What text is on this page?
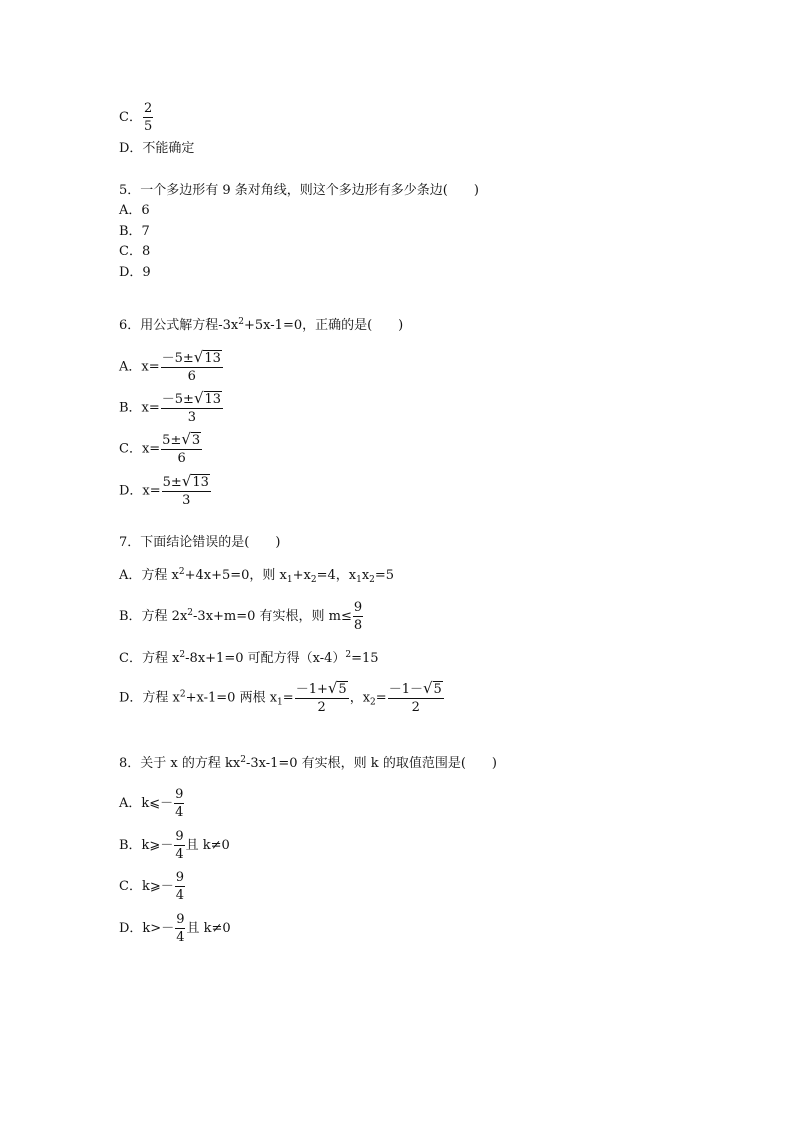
C． $\frac{2}{5}$
D．不能确定
5．一个多边形有 9 条对角线，则这个多边形有多少条边(　　)
A．6
B．7
C．8
D．9
6．用公式解方程$-3x^2+5x-1=0$，正确的是(　　)
A．$x= \frac{-5\pm√13}{6}$
B．$x= \frac{-5\pm√13}{3}$
C．$x= \frac{5\pm√3}{6}$
D．$x= \frac{5\pm√13}{3}$
7．下面结论错误的是(　　)
A．方程 $x^2+4x+5=0$，则 $x_1+x_2=4$，$x_1x_2=5$
B．方程 $2x^2-3x+m=0$ 有实根，则 $m\le \frac{9}{8}$
C．方程 $x^2-8x+1=0$ 可配方得$(x-4)^2=15$
D．方程 $x^2+x-1=0$ 两根 $x_1= \frac{-1+√5}{2}$ ，$x_2= \frac{-1-√5}{2}$
8．关于 x 的方程 $kx^2-3x-1=0$ 有实根，则 k 的取值范围是(　　)
A．k⩽－ $\frac{9}{4}$
B．k⩾－ $\frac{9}{4}$ 且 k≠0
C．k⩾－ $\frac{9}{4}$
D．$k>- \frac{9}{4}$ 且 k≠0
